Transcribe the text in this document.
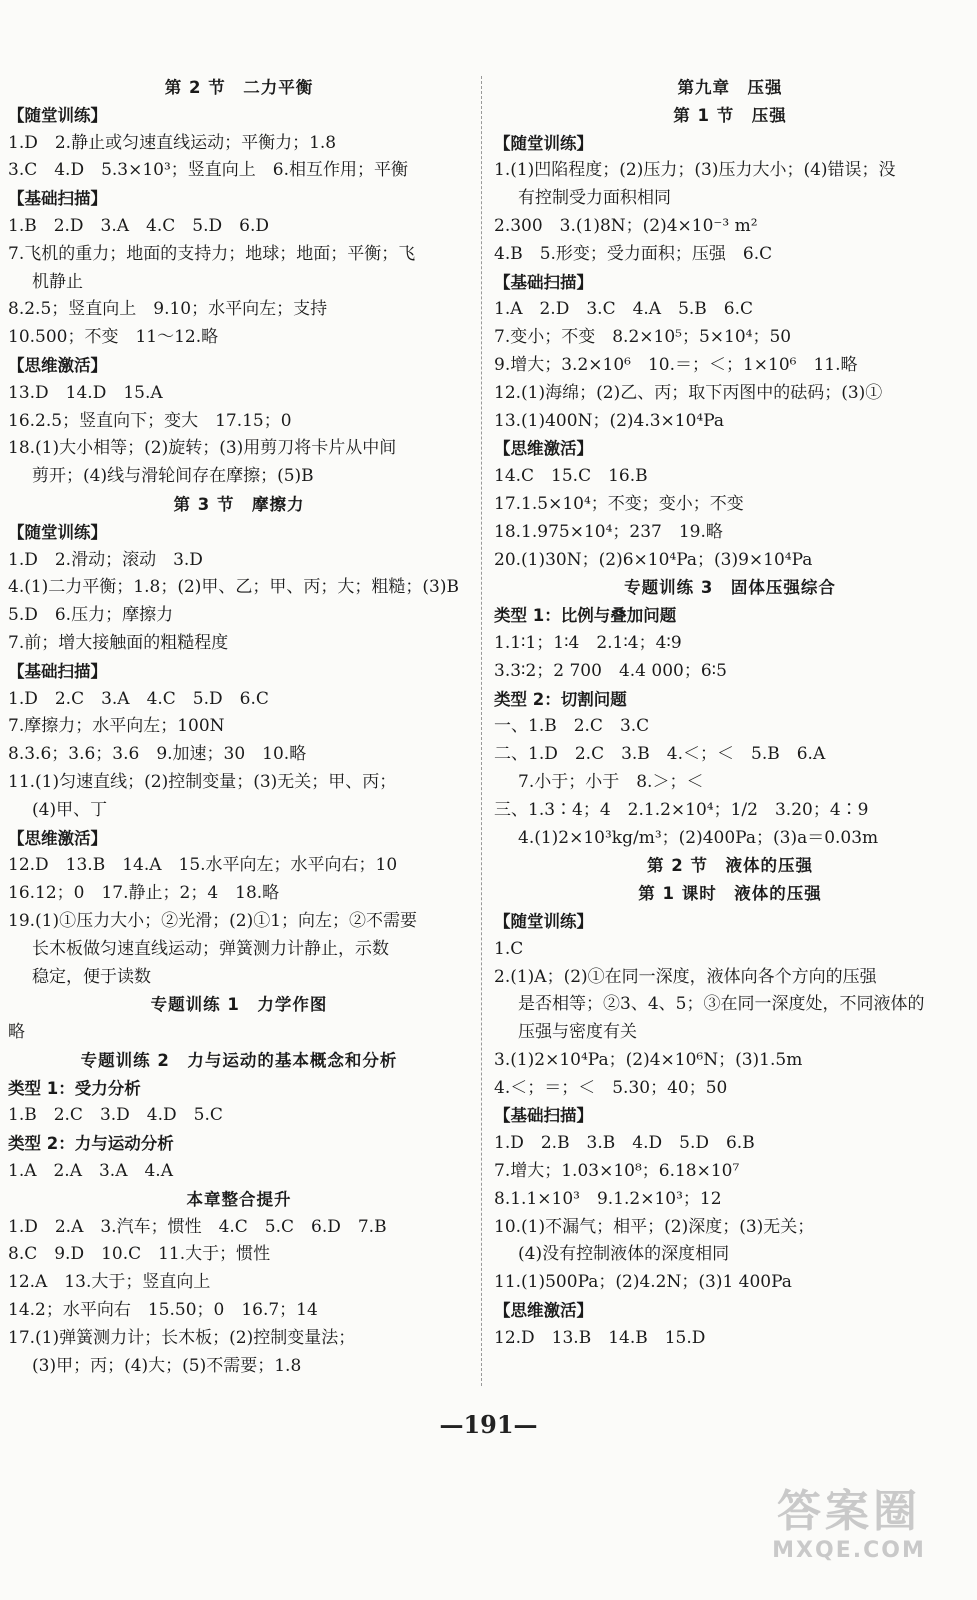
第 2 节　二力平衡
【随堂训练】
1.D　2.静止或匀速直线运动；平衡力；1.8
3.C　4.D　5.3×10³；竖直向上　6.相互作用；平衡
【基础扫描】
1.B　2.D　3.A　4.C　5.D　6.D
7.飞机的重力；地面的支持力；地球；地面；平衡；飞
机静止
8.2.5；竖直向上　9.10；水平向左；支持
10.500；不变　11～12.略
【思维激活】
13.D　14.D　15.A
16.2.5；竖直向下；变大　17.15；0
18.(1)大小相等；(2)旋转；(3)用剪刀将卡片从中间
剪开；(4)线与滑轮间存在摩擦；(5)B
第 3 节　摩擦力
【随堂训练】
1.D　2.滑动；滚动　3.D
4.(1)二力平衡；1.8；(2)甲、乙；甲、丙；大；粗糙；(3)B
5.D　6.压力；摩擦力
7.前；增大接触面的粗糙程度
【基础扫描】
1.D　2.C　3.A　4.C　5.D　6.C
7.摩擦力；水平向左；100N
8.3.6；3.6；3.6　9.加速；30　10.略
11.(1)匀速直线；(2)控制变量；(3)无关；甲、丙；
(4)甲、丁
【思维激活】
12.D　13.B　14.A　15.水平向左；水平向右；10
16.12；0　17.静止；2；4　18.略
19.(1)①压力大小；②光滑；(2)①1；向左；②不需要
长木板做匀速直线运动；弹簧测力计静止，示数
稳定，便于读数
专题训练 1　力学作图
略
专题训练 2　力与运动的基本概念和分析
类型 1：受力分析
1.B　2.C　3.D　4.D　5.C
类型 2：力与运动分析
1.A　2.A　3.A　4.A
本章整合提升
1.D　2.A　3.汽车；惯性　4.C　5.C　6.D　7.B
8.C　9.D　10.C　11.大于；惯性
12.A　13.大于；竖直向上
14.2；水平向右　15.50；0　16.7；14
17.(1)弹簧测力计；长木板；(2)控制变量法；
(3)甲；丙；(4)大；(5)不需要；1.8
第九章　压强
第 1 节　压强
【随堂训练】
1.(1)凹陷程度；(2)压力；(3)压力大小；(4)错误；没
有控制受力面积相同
2.300　3.(1)8N；(2)4×10⁻³ m²
4.B　5.形变；受力面积；压强　6.C
【基础扫描】
1.A　2.D　3.C　4.A　5.B　6.C
7.变小；不变　8.2×10⁵；5×10⁴；50
9.增大；3.2×10⁶　10.＝；＜；1×10⁶　11.略
12.(1)海绵；(2)乙、丙；取下丙图中的砝码；(3)①
13.(1)400N；(2)4.3×10⁴Pa
【思维激活】
14.C　15.C　16.B
17.1.5×10⁴；不变；变小；不变
18.1.975×10⁴；237　19.略
20.(1)30N；(2)6×10⁴Pa；(3)9×10⁴Pa
专题训练 3　固体压强综合
类型 1：比例与叠加问题
1.1∶1；1∶4　2.1∶4；4∶9
3.3∶2；2 700　4.4 000；6∶5
类型 2：切割问题
一、1.B　2.C　3.C
二、1.D　2.C　3.B　4.＜；＜　5.B　6.A
7.小于；小于　8.＞；＜
三、1.3∶4；4　2.1.2×10⁴；1/2　3.20；4∶9
4.(1)2×10³kg/m³；(2)400Pa；(3)a＝0.03m
第 2 节　液体的压强
第 1 课时　液体的压强
【随堂训练】
1.C
2.(1)A；(2)①在同一深度，液体向各个方向的压强
是否相等；②3、4、5；③在同一深度处，不同液体的
压强与密度有关
3.(1)2×10⁴Pa；(2)4×10⁶N；(3)1.5m
4.＜；＝；＜　5.30；40；50
【基础扫描】
1.D　2.B　3.B　4.D　5.D　6.B
7.增大；1.03×10⁸；6.18×10⁷
8.1.1×10³　9.1.2×10³；12
10.(1)不漏气；相平；(2)深度；(3)无关；
(4)没有控制液体的深度相同
11.(1)500Pa；(2)4.2N；(3)1 400Pa
【思维激活】
12.D　13.B　14.B　15.D
—191—
答案圈
MXQE.COM
